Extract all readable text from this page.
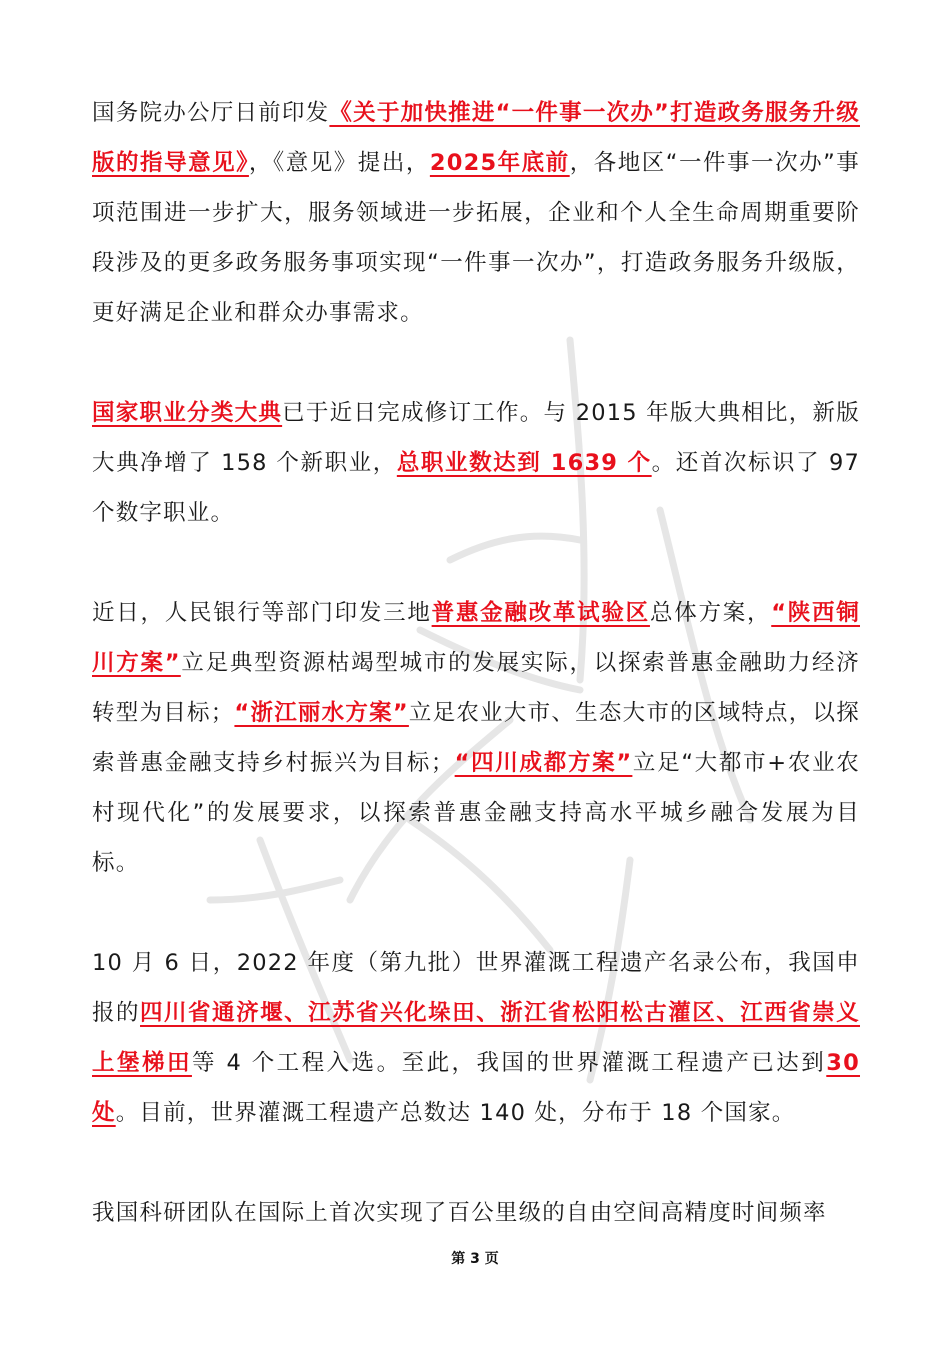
国务院办公厅日前印发《关于加快推进“一件事一次办”打造政务服务升级版的指导意见》，《意见》提出，2025年底前，各地区“一件事一次办”事项范围进一步扩大，服务领域进一步拓展，企业和个人全生命周期重要阶段涉及的更多政务服务事项实现“一件事一次办”，打造政务服务升级版，更好满足企业和群众办事需求。

国家职业分类大典已于近日完成修订工作。与 2015 年版大典相比，新版大典净增了 158 个新职业，总职业数达到 1639 个。还首次标识了 97 个数字职业。

近日，人民银行等部门印发三地普惠金融改革试验区总体方案，“陕西铜川方案”立足典型资源枯竭型城市的发展实际，以探索普惠金融助力经济转型为目标；“浙江丽水方案”立足农业大市、生态大市的区域特点，以探索普惠金融支持乡村振兴为目标；“四川成都方案”立足“大都市+农业农村现代化”的发展要求，以探索普惠金融支持高水平城乡融合发展为目标。

10 月 6 日，2022 年度（第九批）世界灌溉工程遗产名录公布，我国申报的四川省通济堰、江苏省兴化垛田、浙江省松阳松古灌区、江西省崇义上堡梯田等 4 个工程入选。至此，我国的世界灌溉工程遗产已达到30处。目前，世界灌溉工程遗产总数达 140 处，分布于 18 个国家。

我国科研团队在国际上首次实现了百公里级的自由空间高精度时间频率

第 3 页
